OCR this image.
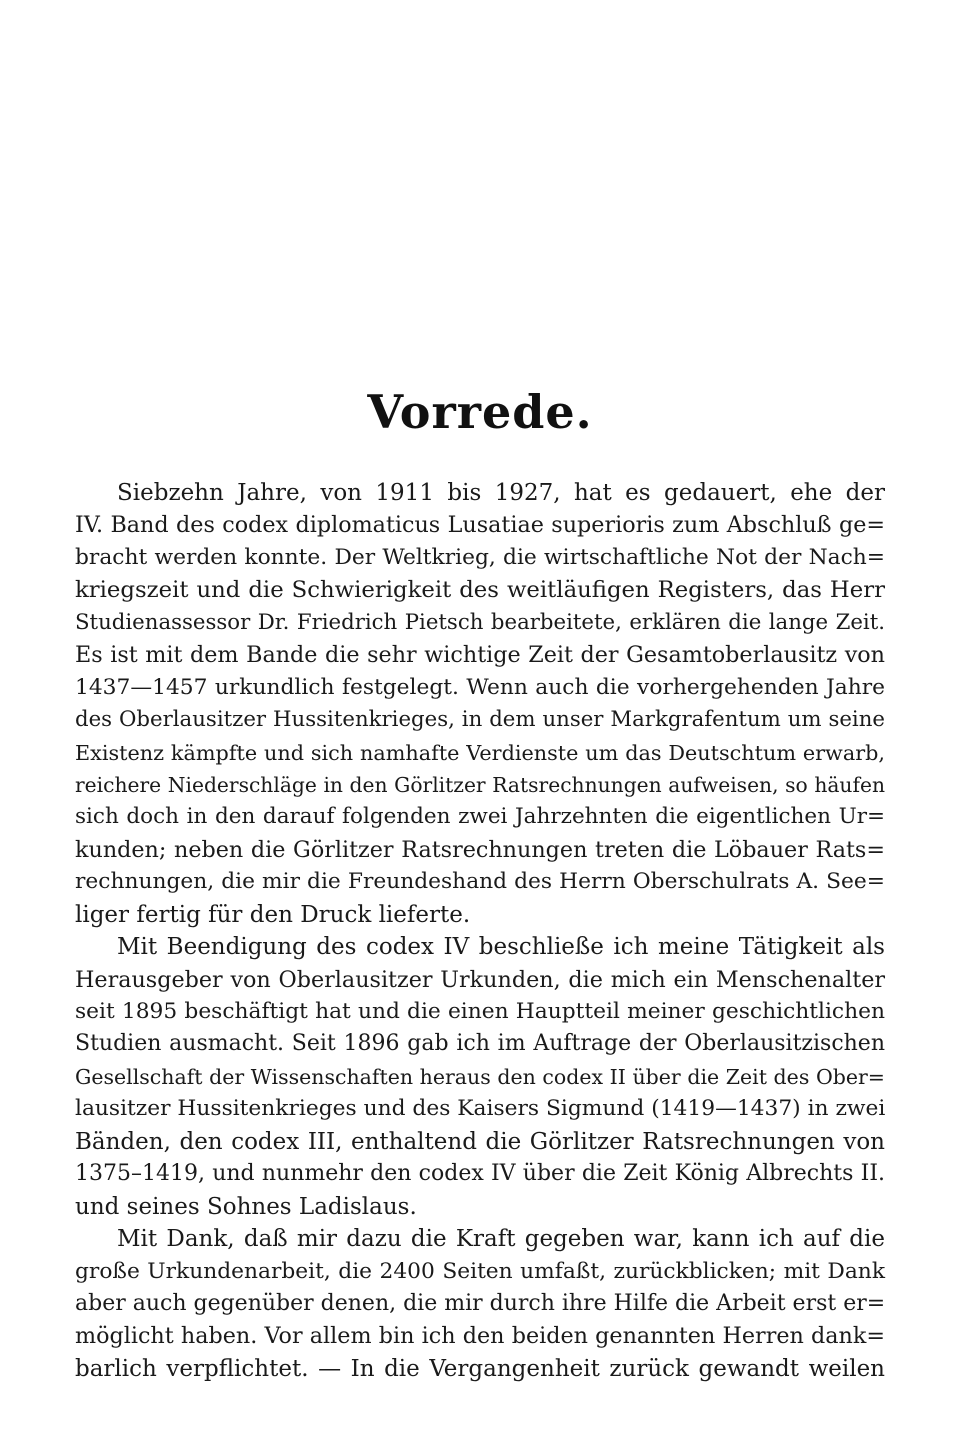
Vorrede.
Siebzehn Jahre, von 1911 bis 1927, hat es gedauert, ehe der
IV. Band des codex diplomaticus Lusatiae superioris zum Abschluß ge=
bracht werden konnte. Der Weltkrieg, die wirtschaftliche Not der Nach=
kriegszeit und die Schwierigkeit des weitläufigen Registers, das Herr
Studienassessor Dr. Friedrich Pietsch bearbeitete, erklären die lange Zeit.
Es ist mit dem Bande die sehr wichtige Zeit der Gesamtoberlausitz von
1437—1457 urkundlich festgelegt. Wenn auch die vorhergehenden Jahre
des Oberlausitzer Hussitenkrieges, in dem unser Markgrafentum um seine
Existenz kämpfte und sich namhafte Verdienste um das Deutschtum erwarb,
reichere Niederschläge in den Görlitzer Ratsrechnungen aufweisen, so häufen
sich doch in den darauf folgenden zwei Jahrzehnten die eigentlichen Ur=
kunden; neben die Görlitzer Ratsrechnungen treten die Löbauer Rats=
rechnungen, die mir die Freundeshand des Herrn Oberschulrats A. See=
liger fertig für den Druck lieferte.
Mit Beendigung des codex IV beschließe ich meine Tätigkeit als
Herausgeber von Oberlausitzer Urkunden, die mich ein Menschenalter
seit 1895 beschäftigt hat und die einen Hauptteil meiner geschichtlichen
Studien ausmacht. Seit 1896 gab ich im Auftrage der Oberlausitzischen
Gesellschaft der Wissenschaften heraus den codex II über die Zeit des Ober=
lausitzer Hussitenkrieges und des Kaisers Sigmund (1419—1437) in zwei
Bänden, den codex III, enthaltend die Görlitzer Ratsrechnungen von
1375–1419, und nunmehr den codex IV über die Zeit König Albrechts II.
und seines Sohnes Ladislaus.
Mit Dank, daß mir dazu die Kraft gegeben war, kann ich auf die
große Urkundenarbeit, die 2400 Seiten umfaßt, zurückblicken; mit Dank
aber auch gegenüber denen, die mir durch ihre Hilfe die Arbeit erst er=
möglicht haben. Vor allem bin ich den beiden genannten Herren dank=
barlich verpflichtet. — In die Vergangenheit zurück gewandt weilen
